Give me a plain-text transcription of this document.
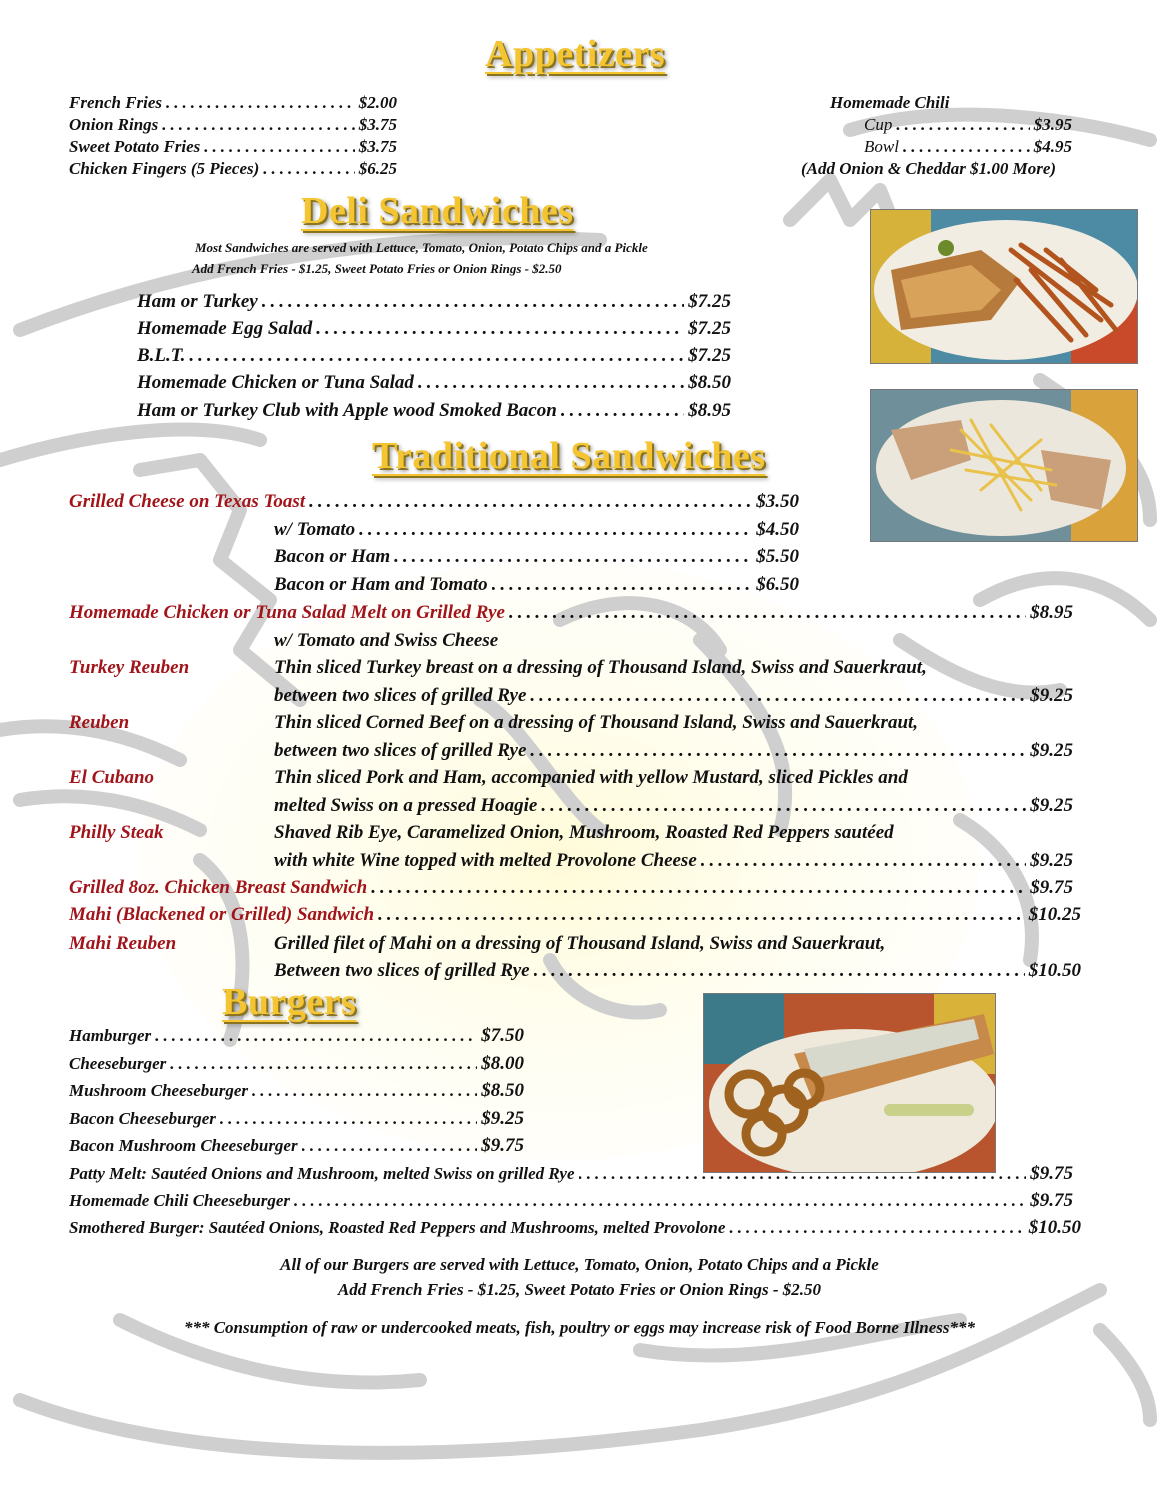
Appetizers
French Fries .....	$2.00
Onion Rings .....	$3.75
Sweet Potato Fries .....	$3.75
Chicken Fingers (5 Pieces) .....	$6.25
Homemade Chili
Cup .....	$3.95
Bowl .....	$4.95
(Add Onion & Cheddar $1.00 More)
Deli Sandwiches
Most Sandwiches are served with Lettuce, Tomato, Onion, Potato Chips and a Pickle
Add French Fries - $1.25, Sweet Potato Fries or Onion Rings - $2.50
Ham or Turkey .....	$7.25
Homemade Egg Salad .....	$7.25
B.L.T. .....	$7.25
Homemade Chicken or Tuna Salad .....	$8.50
Ham or Turkey Club with Apple wood Smoked Bacon .....	$8.95
Traditional Sandwiches
Grilled Cheese on Texas Toast .....	$3.50
w/ Tomato .....	$4.50
Bacon or Ham .....	$5.50
Bacon or Ham and Tomato .....	$6.50
Homemade Chicken or Tuna Salad Melt on Grilled Rye .....	$8.95
w/ Tomato and Swiss Cheese
Turkey Reuben	Thin sliced Turkey breast on a dressing of Thousand Island, Swiss and Sauerkraut,
between two slices of grilled Rye .....	$9.25
Reuben	Thin sliced Corned Beef on a dressing of Thousand Island, Swiss and Sauerkraut,
between two slices of grilled Rye .....	$9.25
El Cubano	Thin sliced Pork and Ham, accompanied with yellow Mustard, sliced Pickles and
melted Swiss on a pressed Hoagie .....	$9.25
Philly Steak	Shaved Rib Eye, Caramelized Onion, Mushroom, Roasted Red Peppers sautéed
with white Wine topped with melted Provolone Cheese .....	$9.25
Grilled 8oz. Chicken Breast Sandwich .....	$9.75
Mahi (Blackened or Grilled) Sandwich .....	$10.25
Mahi Reuben	Grilled filet of Mahi on a dressing of Thousand Island, Swiss and Sauerkraut,
Between two slices of grilled Rye .....	$10.50
Burgers
Hamburger .....	$7.50
Cheeseburger .....	$8.00
Mushroom Cheeseburger .....	$8.50
Bacon Cheeseburger .....	$9.25
Bacon Mushroom Cheeseburger .....	$9.75
Patty Melt: Sautéed Onions and Mushroom, melted Swiss on grilled Rye .....	$9.75
Homemade Chili Cheeseburger .....	$9.75
Smothered Burger: Sautéed Onions, Roasted Red Peppers and Mushrooms, melted Provolone .....	$10.50
All of our Burgers are served with Lettuce, Tomato, Onion, Potato Chips and a Pickle
Add French Fries - $1.25, Sweet Potato Fries or Onion Rings - $2.50
*** Consumption of raw or undercooked meats, fish, poultry or eggs may increase risk of Food Borne Illness***
